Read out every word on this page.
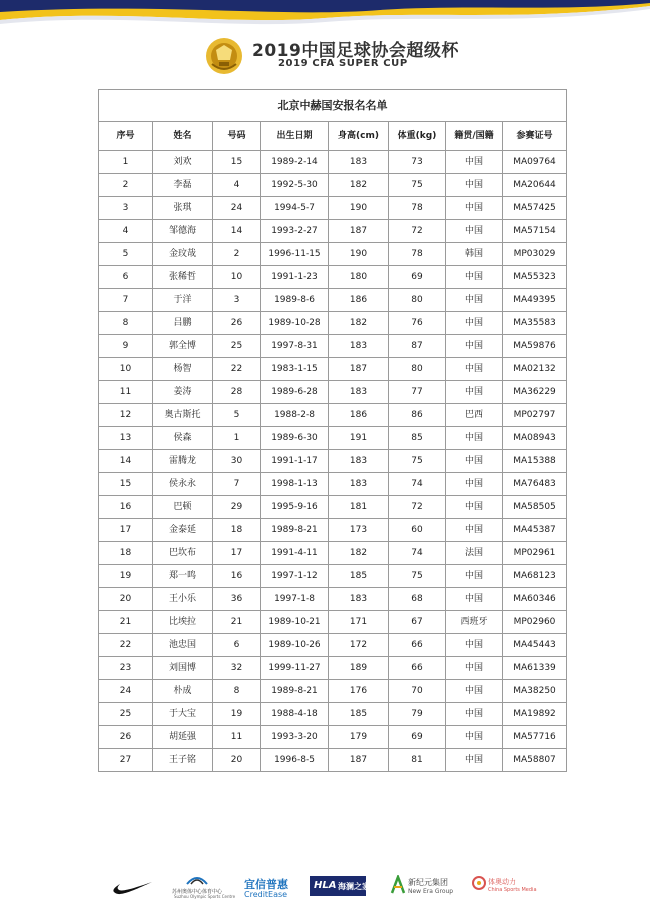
2019中国足球协会超级杯
2019 CFA SUPER CUP
北京中赫国安报名名单							
序号	姓名	号码	出生日期	身高(cm)	体重(kg)	籍贯/国籍	参赛证号
1	刘欢	15	1989-2-14	183	73	中国	MA09764
2	李磊	4	1992-5-30	182	75	中国	MA20644
3	张琪	24	1994-5-7	190	78	中国	MA57425
4	邹德海	14	1993-2-27	187	72	中国	MA57154
5	金玟哉	2	1996-11-15	190	78	韩国	MP03029
6	张稀哲	10	1991-1-23	180	69	中国	MA55323
7	于洋	3	1989-8-6	186	80	中国	MA49395
8	吕鹏	26	1989-10-28	182	76	中国	MA35583
9	郭全博	25	1997-8-31	183	87	中国	MA59876
10	杨智	22	1983-1-15	187	80	中国	MA02132
11	姜涛	28	1989-6-28	183	77	中国	MA36229
12	奥古斯托	5	1988-2-8	186	86	巴西	MP02797
13	侯森	1	1989-6-30	191	85	中国	MA08943
14	雷腾龙	30	1991-1-17	183	75	中国	MA15388
15	侯永永	7	1998-1-13	183	74	中国	MA76483
16	巴顿	29	1995-9-16	181	72	中国	MA58505
17	金泰延	18	1989-8-21	173	60	中国	MA45387
18	巴坎布	17	1991-4-11	182	74	法国	MP02961
19	郑一鸣	16	1997-1-12	185	75	中国	MA68123
20	王小乐	36	1997-1-8	183	68	中国	MA60346
21	比埃拉	21	1989-10-21	171	67	西班牙	MP02960
22	池忠国	6	1989-10-26	172	66	中国	MA45443
23	刘国博	32	1999-11-27	189	66	中国	MA61339
24	朴成	8	1989-8-21	176	70	中国	MA38250
25	于大宝	19	1988-4-18	185	79	中国	MA19892
26	胡延强	11	1993-3-20	179	69	中国	MA57716
27	王子铭	20	1996-8-5	187	81	中国	MA58807
苏州奥体中心体育中心
Suzhou Olympic Sports Centre
宜信普惠
CreditEase
HLA 海澜之家	新纪元集团
New Era Group
体奥动力
China Sports Media
